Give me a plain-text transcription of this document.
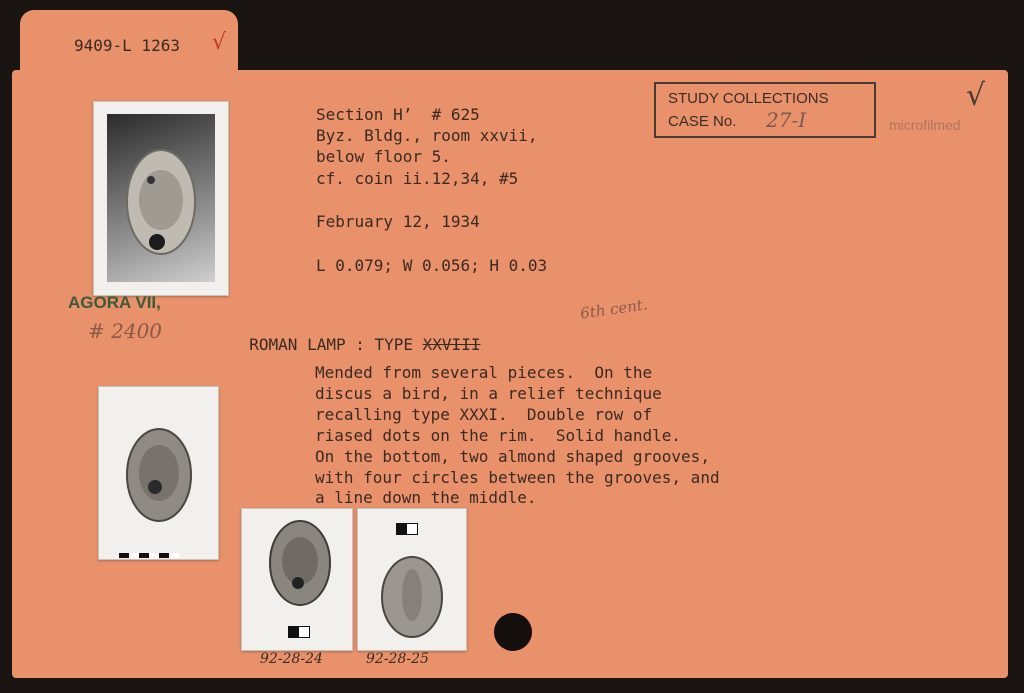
9409-L 1263 √
Section H’  # 625
Byz. Bldg., room xxvii,
below floor 5.
cf. coin ii.12,34, #5
February 12, 1934
L 0.079; W 0.056; H 0.03
STUDY COLLECTIONS
CASE No. 27-I	microfilmed
√
AGORA VII,
# 2400

ROMAN LAMP : TYPE XXVIII

6th cent.
Mended from several pieces.  On the
discus a bird, in a relief technique
recalling type XXXI.  Double row of
riased dots on the rim.  Solid handle.
On the bottom, two almond shaped grooves,
with four circles between the grooves, and
a line down the middle.
92-28-24	92-28-25
